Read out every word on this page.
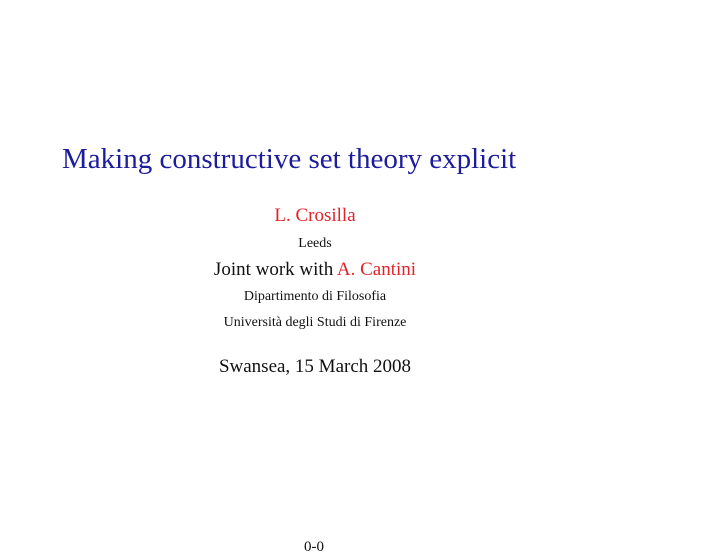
Making constructive set theory explicit
L. Crosilla
Leeds
Joint work with A. Cantini
Dipartimento di Filosofia
Università degli Studi di Firenze
Swansea, 15 March 2008
0-0
